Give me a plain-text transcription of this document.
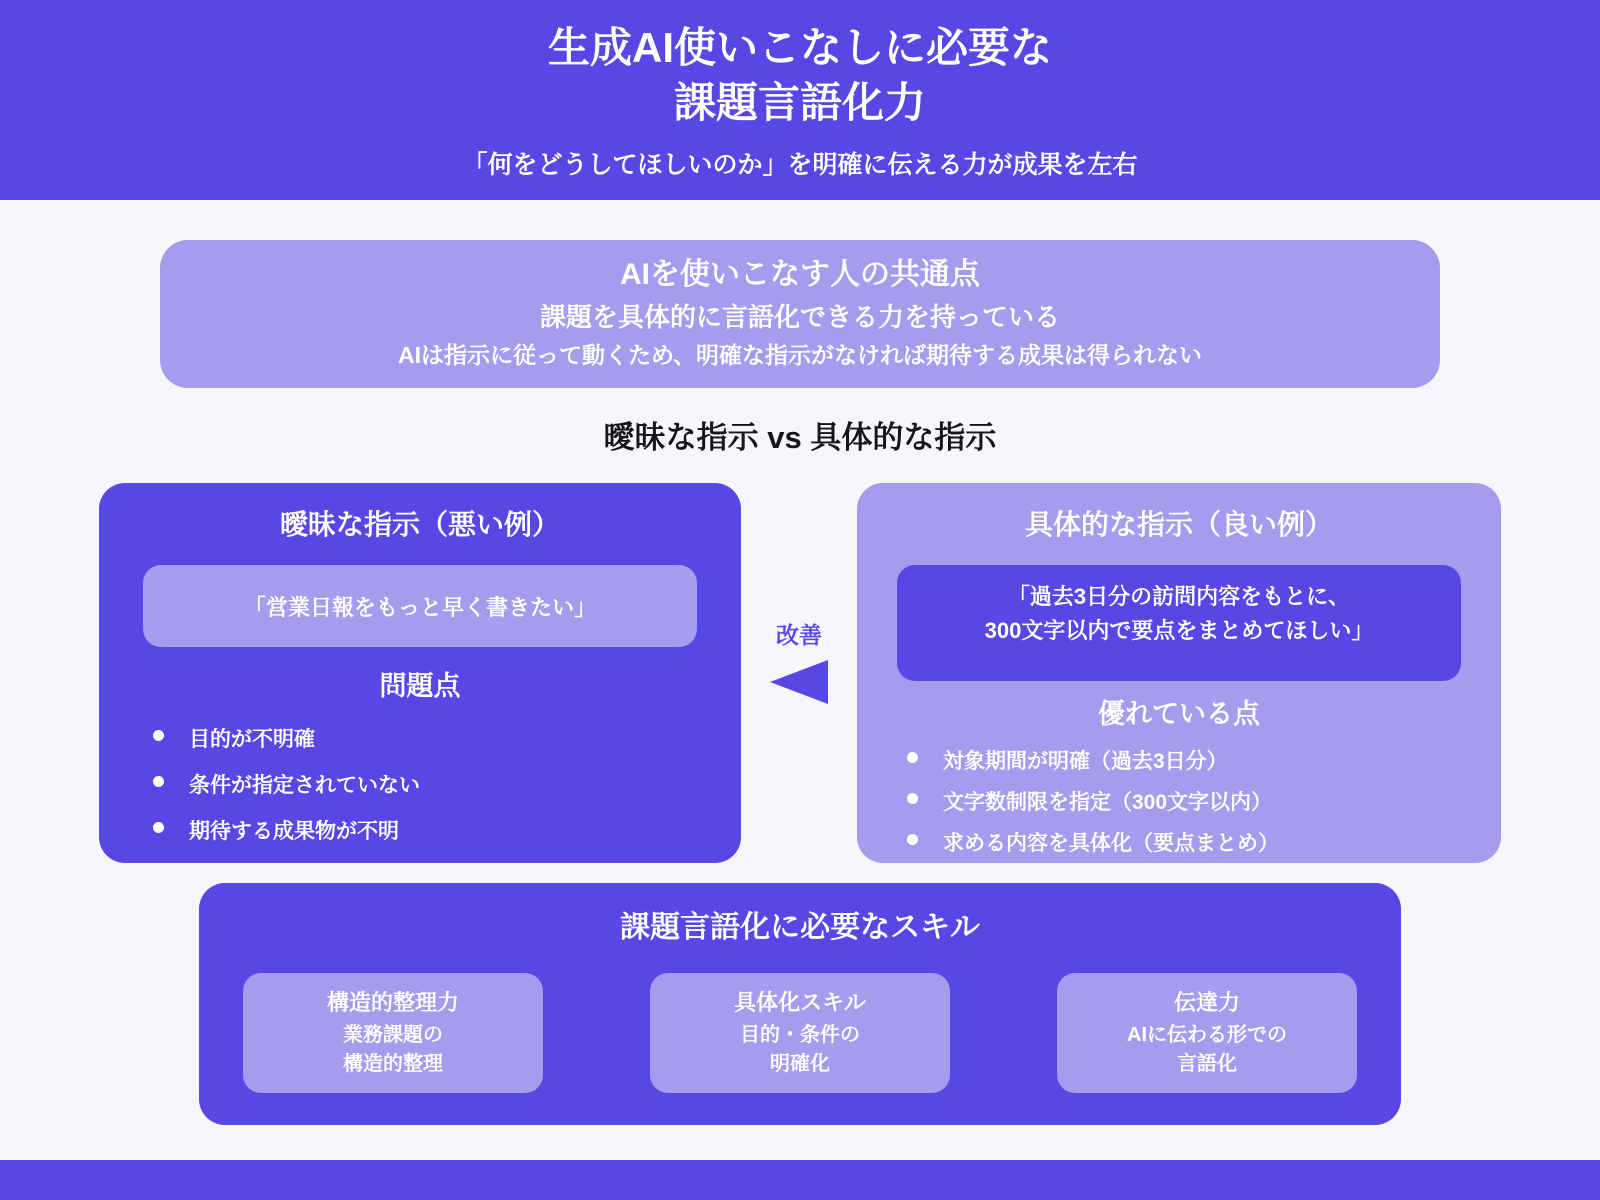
生成AI使いこなしに必要な
課題言語化力
「何をどうしてほしいのか」を明確に伝える力が成果を左右
AIを使いこなす人の共通点
課題を具体的に言語化できる力を持っている
AIは指示に従って動くため、明確な指示がなければ期待する成果は得られない
曖昧な指示 vs 具体的な指示
曖昧な指示（悪い例）
「営業日報をもっと早く書きたい」
問題点
目的が不明確
条件が指定されていない
期待する成果物が不明
改善
具体的な指示（良い例）
「過去3日分の訪問内容をもとに、
300文字以内で要点をまとめてほしい」
優れている点
対象期間が明確（過去3日分）
文字数制限を指定（300文字以内）
求める内容を具体化（要点まとめ）
課題言語化に必要なスキル
構造的整理力
業務課題の
構造的整理
具体化スキル
目的・条件の
明確化
伝達力
AIに伝わる形での
言語化
